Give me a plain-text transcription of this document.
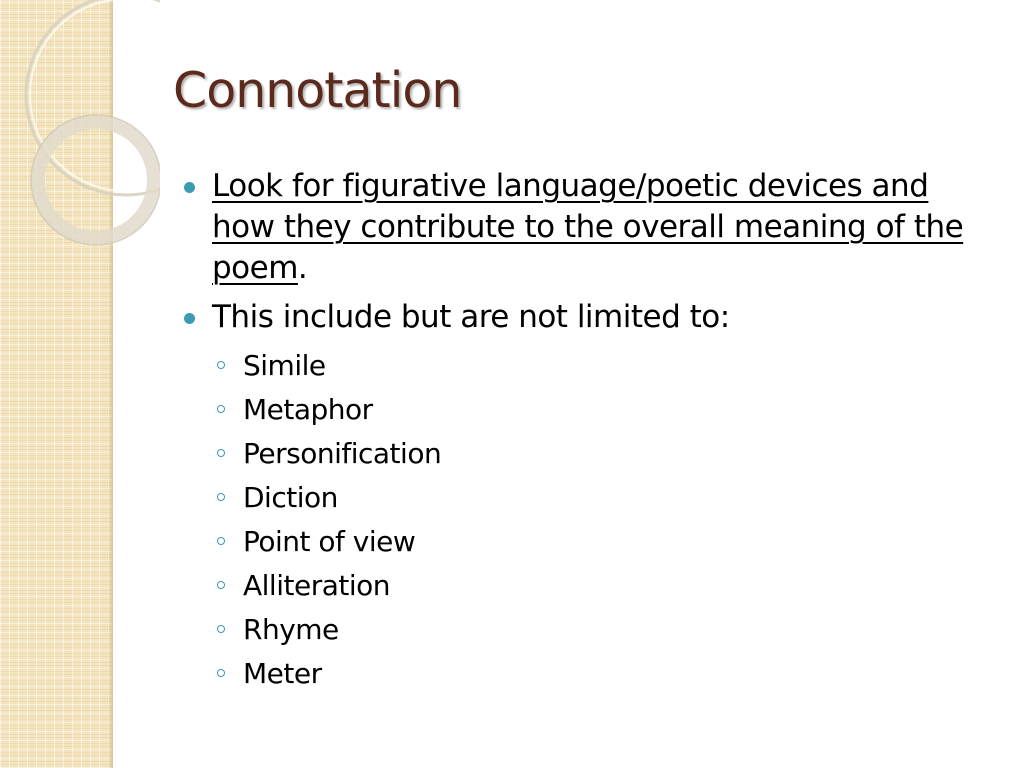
Connotation
Look for figurative language/poetic devices and how they contribute to the overall meaning of the poem.
This include but are not limited to:
Simile
Metaphor
Personification
Diction
Point of view
Alliteration
Rhyme
Meter
